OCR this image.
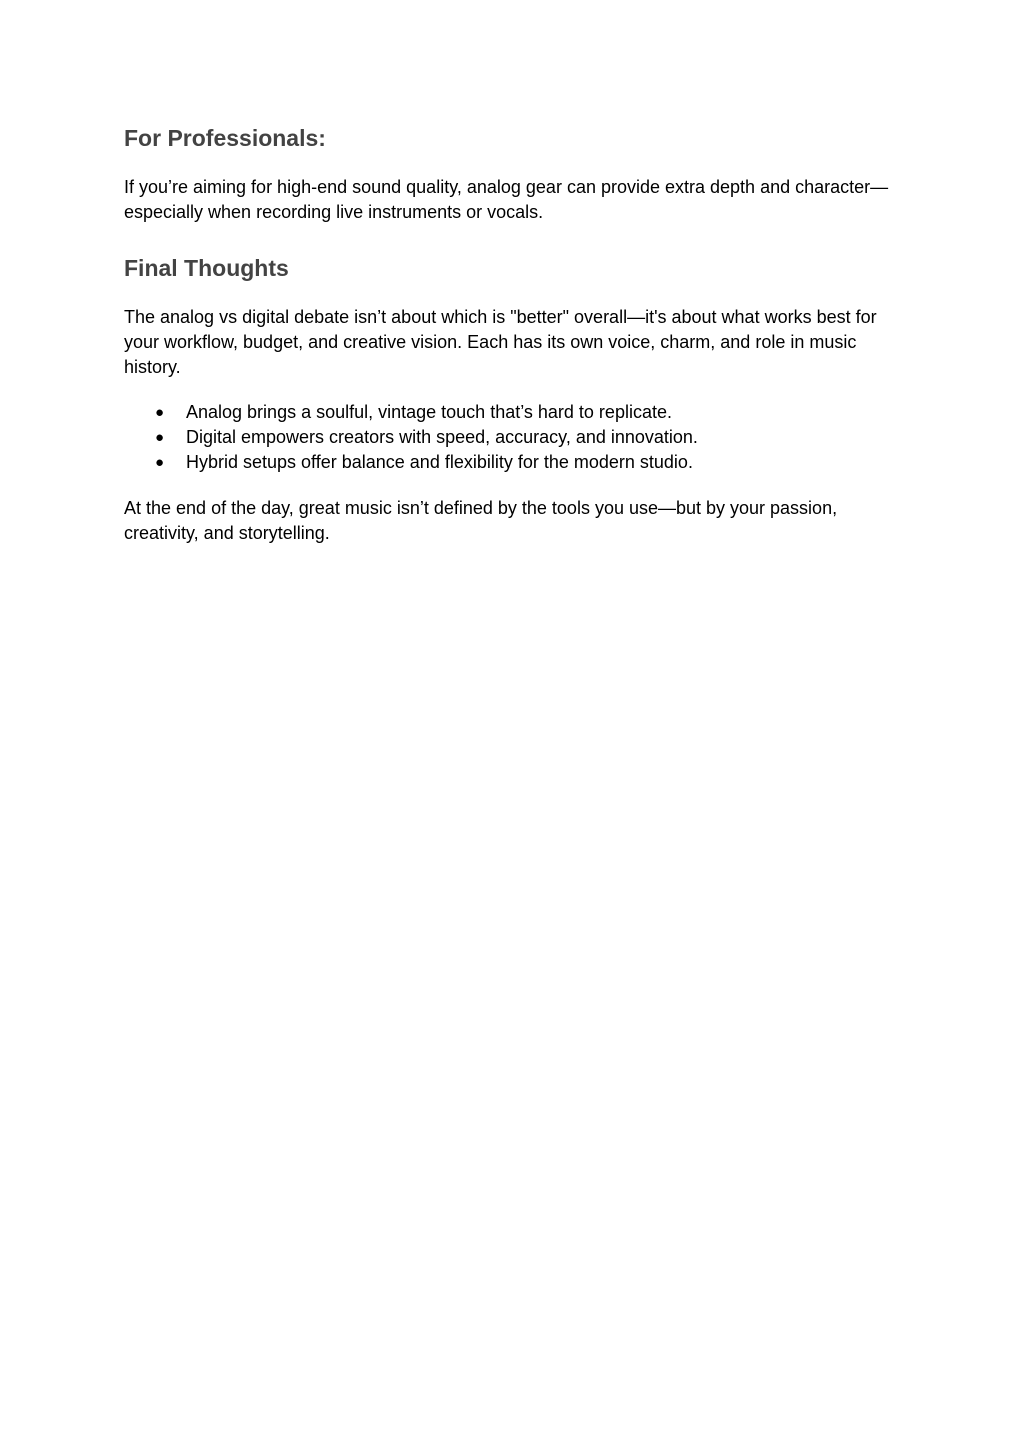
For Professionals:

If you’re aiming for high-end sound quality, analog gear can provide extra depth and character—especially when recording live instruments or vocals.

Final Thoughts

The analog vs digital debate isn’t about which is "better" overall—it's about what works best for your workflow, budget, and creative vision. Each has its own voice, charm, and role in music history.

● Analog brings a soulful, vintage touch that’s hard to replicate.
● Digital empowers creators with speed, accuracy, and innovation.
● Hybrid setups offer balance and flexibility for the modern studio.

At the end of the day, great music isn’t defined by the tools you use—but by your passion, creativity, and storytelling.
